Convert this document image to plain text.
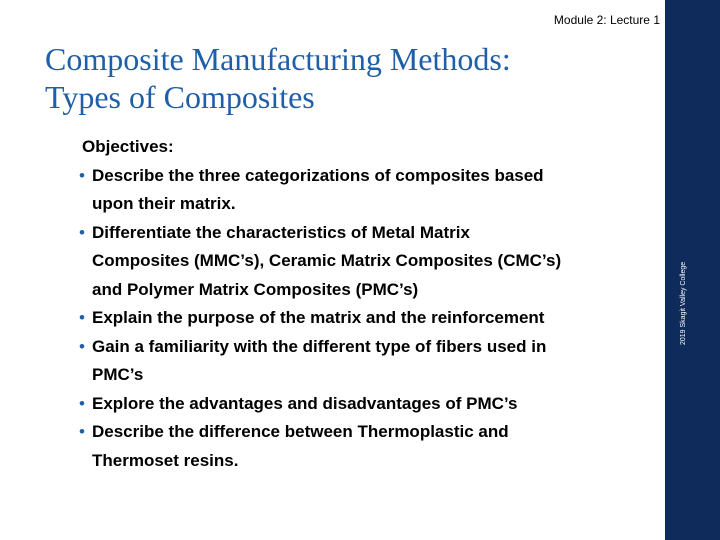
Module 2: Lecture 1
Composite Manufacturing Methods:
Types of Composites
Objectives:
• Describe the three categorizations of composites based
upon their matrix.
• Differentiate the characteristics of Metal Matrix
Composites (MMC’s), Ceramic Matrix Composites (CMC’s)
and Polymer Matrix Composites (PMC’s)
• Explain the purpose of the matrix and the reinforcement
• Gain a familiarity with the different type of fibers used in
PMC’s
• Explore the advantages and disadvantages of PMC’s
• Describe the difference between Thermoplastic and
Thermoset resins.
2019 Skagit Valley College
